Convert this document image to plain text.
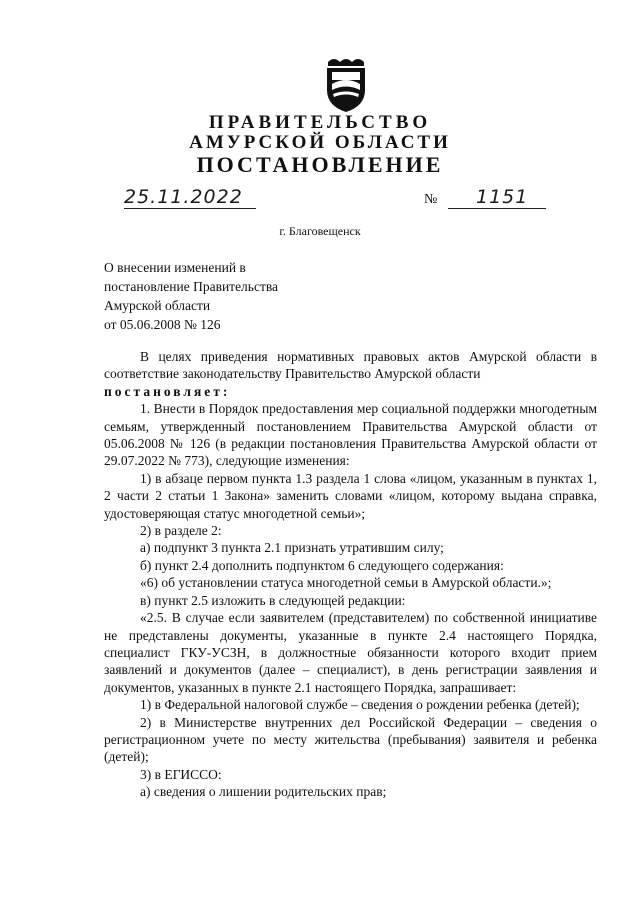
ПРАВИТЕЛЬСТВО
АМУРСКОЙ ОБЛАСТИ
ПОСТАНОВЛЕНИЕ
25.11.2022	№	1151
г. Благовещенск
О внесении изменений в
постановление Правительства
Амурской области
от 05.06.2008 № 126

В целях приведения нормативных правовых актов Амурской области в соответствие законодательству Правительство Амурской области

постановляет:

1. Внести в Порядок предоставления мер социальной поддержки многодетным семьям, утвержденный постановлением Правительства Амурской области от 05.06.2008 № 126 (в редакции постановления Правительства Амурской области от 29.07.2022 № 773), следующие изменения:

1) в абзаце первом пункта 1.3 раздела 1 слова «лицом, указанным в пунктах 1, 2 части 2 статьи 1 Закона» заменить словами «лицом, которому выдана справка, удостоверяющая статус многодетной семьи»;

2) в разделе 2:

а) подпункт 3 пункта 2.1 признать утратившим силу;

б) пункт 2.4 дополнить подпунктом 6 следующего содержания:

«6) об установлении статуса многодетной семьи в Амурской области.»;

в) пункт 2.5 изложить в следующей редакции:

«2.5. В случае если заявителем (представителем) по собственной инициативе не представлены документы, указанные в пункте 2.4 настоящего Порядка, специалист ГКУ-УСЗН, в должностные обязанности которого входит прием заявлений и документов (далее – специалист), в день регистрации заявления и документов, указанных в пункте 2.1 настоящего Порядка, запрашивает:

1) в Федеральной налоговой службе – сведения о рождении ребенка (детей);

2) в Министерстве внутренних дел Российской Федерации – сведения о регистрационном учете по месту жительства (пребывания) заявителя и ребенка (детей);

3) в ЕГИССО:

а) сведения о лишении родительских прав;
